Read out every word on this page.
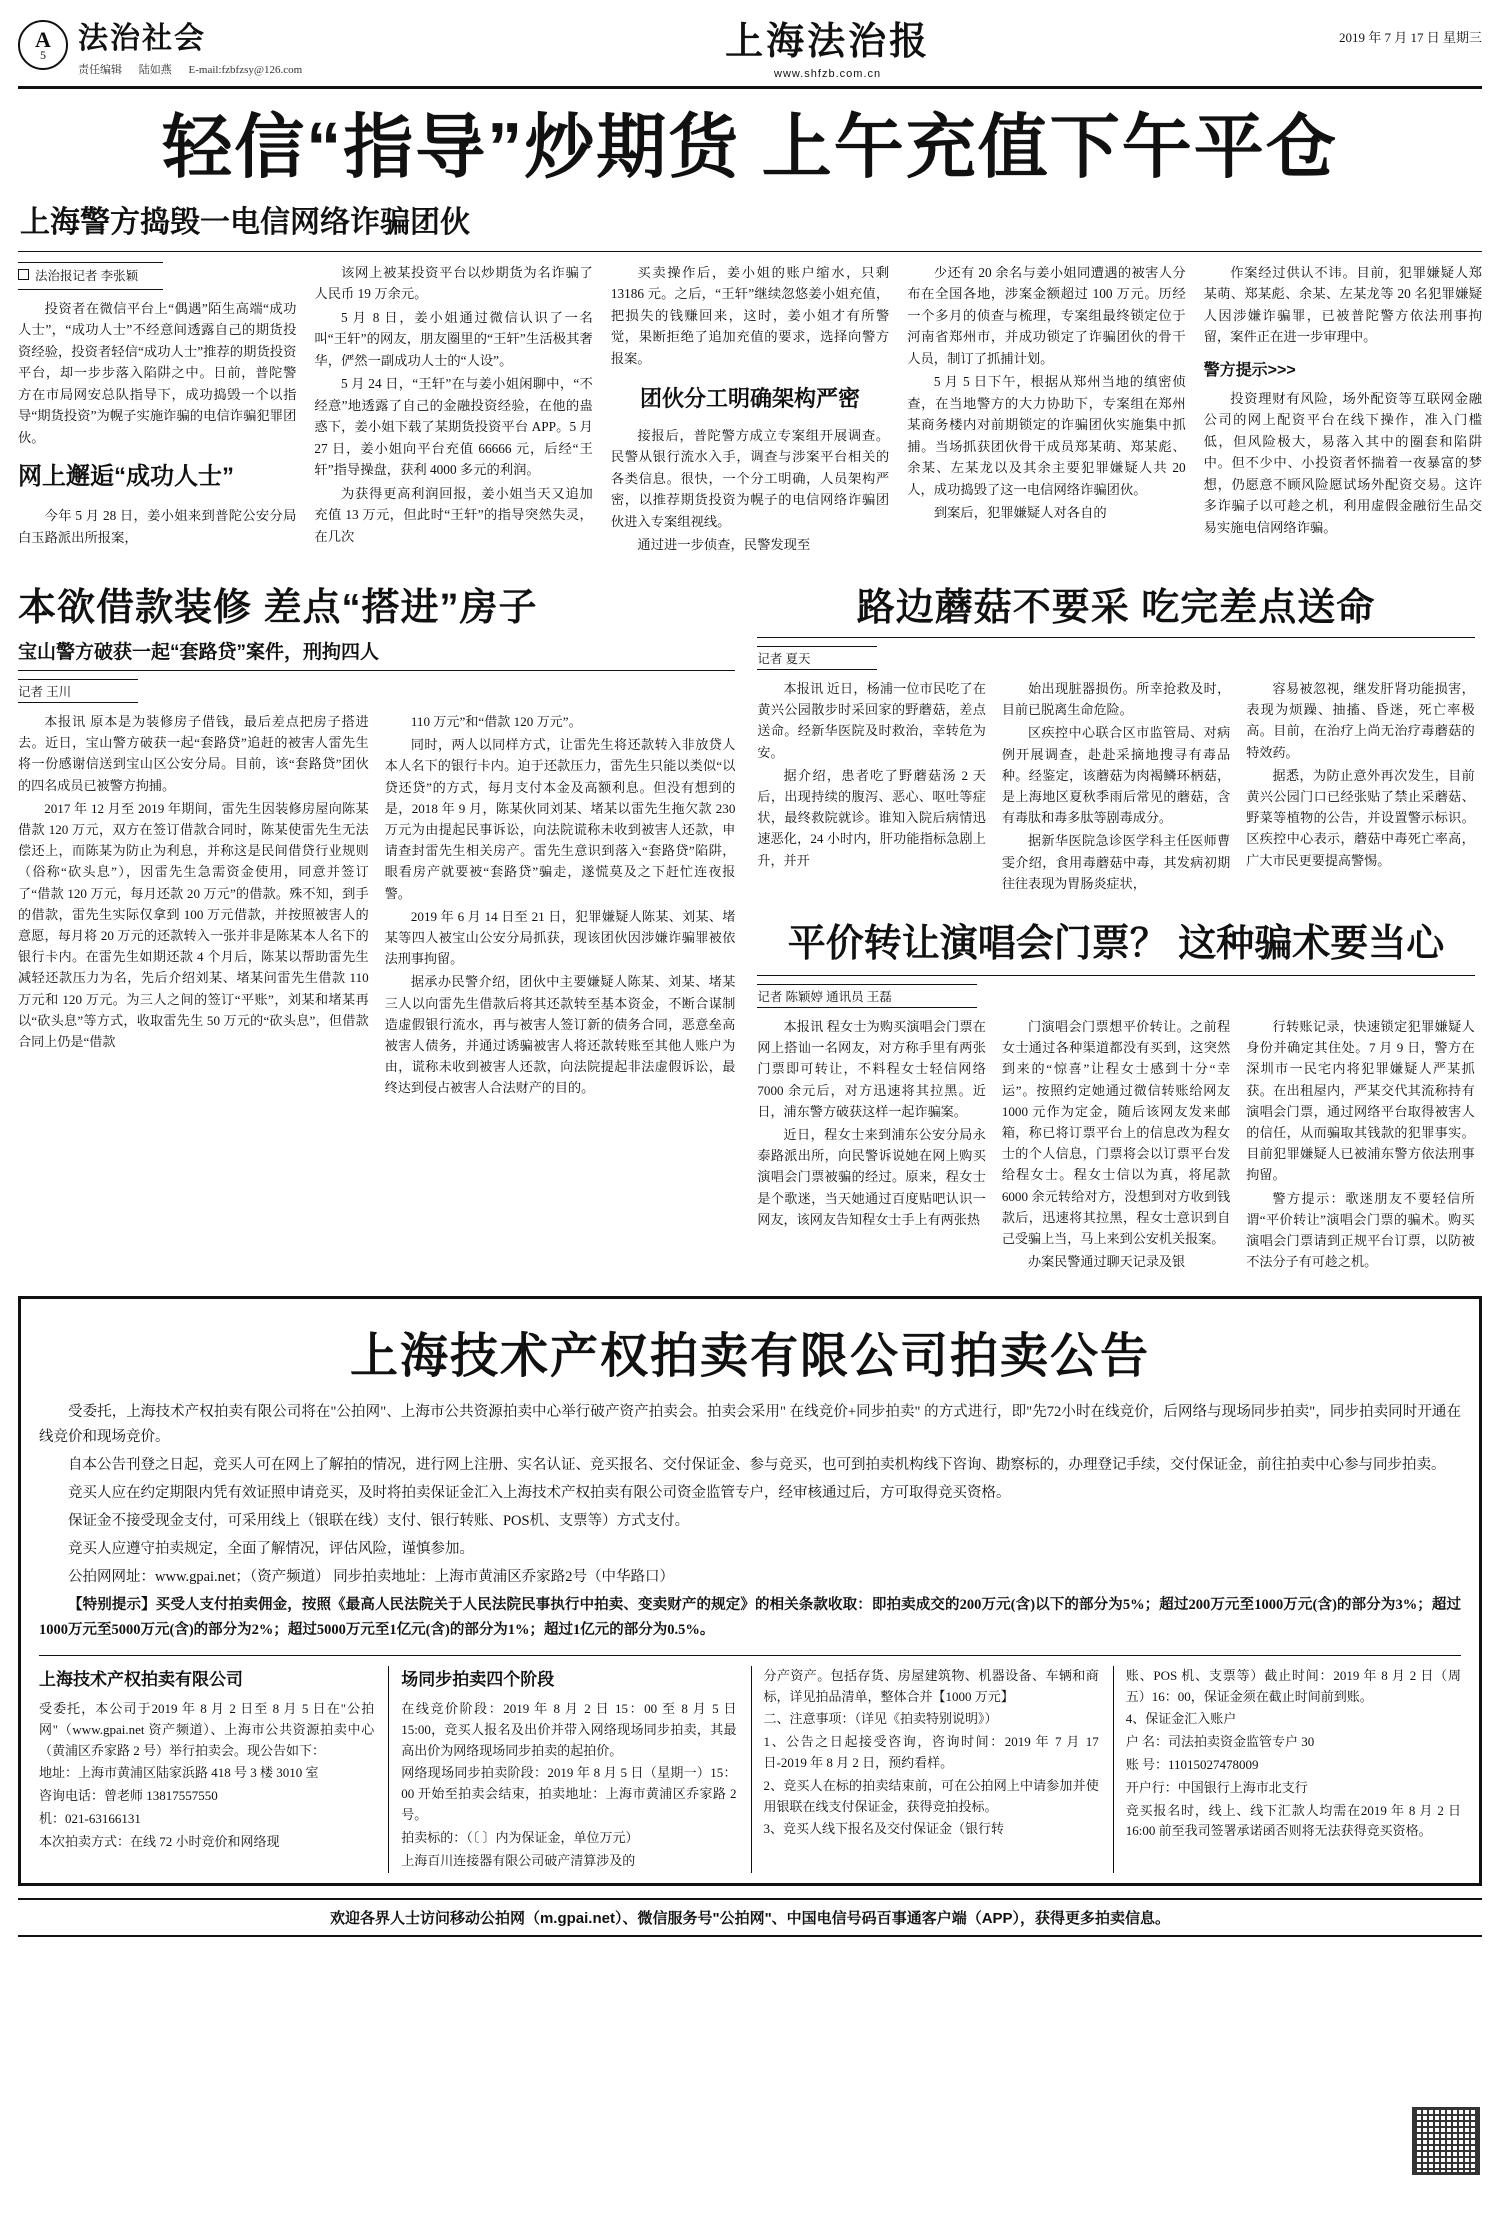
A
5 法治社会
责任编辑 陆如燕 E-mail:fzbfzsy@126.com
上海法治报
www.shfzb.com.cn
2019 年 7 月 17 日 星期三
轻信“指导”炒期货 上午充值下午平仓
上海警方捣毁一电信网络诈骗团伙
法治报记者 李张颖

投资者在微信平台上“偶遇”陌生高端“成功人士”，“成功人士”不经意间透露自己的期货投资经验，投资者轻信“成功人士”推荐的期货投资平台，却一步步落入陷阱之中。日前，普陀警方在市局网安总队指导下，成功捣毁一个以指导“期货投资”为幌子实施诈骗的电信诈骗犯罪团伙。

网上邂逅“成功人士”

今年 5 月 28 日，姜小姐来到普陀公安分局白玉路派出所报案，

该网上被某投资平台以炒期货为名诈骗了人民币 19 万余元。

5 月 8 日，姜小姐通过微信认识了一名叫“王轩”的网友，朋友圈里的“王轩”生活极其奢华，俨然一副成功人士的“人设”。

5 月 24 日，“王轩”在与姜小姐闲聊中，“不经意”地透露了自己的金融投资经验，在他的蛊惑下，姜小姐下载了某期货投资平台 APP。5 月 27 日，姜小姐向平台充值 66666 元，后经“王轩”指导操盘，获利 4000 多元的利润。

为获得更高利润回报，姜小姐当天又追加充值 13 万元，但此时“王轩”的指导突然失灵，在几次

买卖操作后，姜小姐的账户缩水，只剩 13186 元。之后，“王轩”继续忽悠姜小姐充值，把损失的钱赚回来，这时，姜小姐才有所警觉，果断拒绝了追加充值的要求，选择向警方报案。

团伙分工明确架构严密

接报后，普陀警方成立专案组开展调查。民警从银行流水入手，调查与涉案平台相关的各类信息。很快，一个分工明确，人员架构严密，以推荐期货投资为幌子的电信网络诈骗团伙进入专案组视线。

通过进一步侦查，民警发现至

少还有 20 余名与姜小姐同遭遇的被害人分布在全国各地，涉案金额超过 100 万元。历经一个多月的侦查与梳理，专案组最终锁定位于河南省郑州市，并成功锁定了诈骗团伙的骨干人员，制订了抓捕计划。

5 月 5 日下午，根据从郑州当地的缜密侦查，在当地警方的大力协助下，专案组在郑州某商务楼内对前期锁定的诈骗团伙实施集中抓捕。当场抓获团伙骨干成员郑某萌、郑某彪、余某、左某龙以及其余主要犯罪嫌疑人共 20 人，成功捣毁了这一电信网络诈骗团伙。

到案后，犯罪嫌疑人对各自的

作案经过供认不讳。目前，犯罪嫌疑人郑某萌、郑某彪、余某、左某龙等 20 名犯罪嫌疑人因涉嫌诈骗罪，已被普陀警方依法刑事拘留，案件正在进一步审理中。

警方提示>>>

投资理财有风险，场外配资等互联网金融公司的网上配资平台在线下操作，准入门槛低，但风险极大，易落入其中的圈套和陷阱中。但不少中、小投资者怀揣着一夜暴富的梦想，仍愿意不顾风险愿试场外配资交易。这许多诈骗子以可趁之机，利用虚假金融衍生品交易实施电信网络诈骗。

本欲借款装修 差点“搭进”房子
宝山警方破获一起“套路贷”案件，刑拘四人
记者 王川

本报讯 原本是为装修房子借钱，最后差点把房子搭进去。近日，宝山警方破获一起“套路贷”追赶的被害人雷先生将一份感谢信送到宝山区公安分局。目前，该“套路贷”团伙的四名成员已被警方拘捕。

2017 年 12 月至 2019 年期间，雷先生因装修房屋向陈某借款 120 万元，双方在签订借款合同时，陈某使雷先生无法偿还上，而陈某为防止为利息，并称这是民间借贷行业规则（俗称“砍头息”），因雷先生急需资金使用，同意并签订了“借款 120 万元，每月还款 20 万元”的借款。殊不知，到手的借款，雷先生实际仅拿到 100 万元借款，并按照被害人的意愿，每月将 20 万元的还款转入一张并非是陈某本人名下的银行卡内。在雷先生如期还款 4 个月后，陈某以帮助雷先生减轻还款压力为名，先后介绍刘某、堵某问雷先生借款 110 万元和 120 万元。为三人之间的签订“平账”，刘某和堵某再以“砍头息”等方式，收取雷先生 50 万元的“砍头息”，但借款合同上仍是“借款

110 万元”和“借款 120 万元”。

同时，两人以同样方式，让雷先生将还款转入非放贷人本人名下的银行卡内。迫于还款压力，雷先生只能以类似“以贷还贷”的方式，每月支付本金及高额利息。但没有想到的是，2018 年 9 月，陈某伙同刘某、堵某以雷先生拖欠款 230 万元为由提起民事诉讼，向法院谎称未收到被害人还款，申请查封雷先生相关房产。雷先生意识到落入“套路贷”陷阱，眼看房产就要被“套路贷”骗走，遂慌莫及之下赶忙连夜报警。

2019 年 6 月 14 日至 21 日，犯罪嫌疑人陈某、刘某、堵某等四人被宝山公安分局抓获，现该团伙因涉嫌诈骗罪被依法刑事拘留。

据承办民警介绍，团伙中主要嫌疑人陈某、刘某、堵某三人以向雷先生借款后将其还款转至基本资金，不断合谋制造虚假银行流水，再与被害人签订新的债务合同，恶意垒高被害人债务，并通过诱骗被害人将还款转账至其他人账户为由，谎称未收到被害人还款，向法院提起非法虚假诉讼，最终达到侵占被害人合法财产的目的。

路边蘑菇不要采 吃完差点送命
记者 夏天

本报讯 近日，杨浦一位市民吃了在黄兴公园散步时采回家的野蘑菇，差点送命。经新华医院及时救治，幸转危为安。

据介绍，患者吃了野蘑菇汤 2 天后，出现持续的腹泻、恶心、呕吐等症状，最终救院就诊。谁知入院后病情迅速恶化，24 小时内，肝功能指标急剧上升，并开

始出现脏器损伤。所幸抢救及时，目前已脱离生命危险。

区疾控中心联合区市监管局、对病例开展调查，赴赴采摘地搜寻有毒品种。经鉴定，该蘑菇为肉褐鳞环柄菇，是上海地区夏秋季雨后常见的蘑菇，含有毒肽和毒多肽等剧毒成分。

据新华医院急诊医学科主任医师曹雯介绍，食用毒蘑菇中毒，其发病初期往往表现为胃肠炎症状，

容易被忽视，继发肝肾功能损害，表现为烦躁、抽搐、昏迷，死亡率极高。目前，在治疗上尚无治疗毒蘑菇的特效药。

据悉，为防止意外再次发生，目前黄兴公园门口已经张贴了禁止采蘑菇、野菜等植物的公告，并设置警示标识。区疾控中心表示，蘑菇中毒死亡率高，广大市民更要提高警惕。

平价转让演唱会门票？ 这种骗术要当心
记者 陈颖婷 通讯员 王磊

本报讯 程女士为购买演唱会门票在网上搭讪一名网友，对方称手里有两张门票即可转让，不料程女士轻信网络 7000 余元后，对方迅速将其拉黑。近日，浦东警方破获这样一起诈骗案。

近日，程女士来到浦东公安分局永泰路派出所，向民警诉说她在网上购买演唱会门票被骗的经过。原来，程女士是个歌迷，当天她通过百度贴吧认识一网友，该网友告知程女士手上有两张热

门演唱会门票想平价转让。之前程女士通过各种渠道都没有买到，这突然到来的“惊喜”让程女士感到十分“幸运”。按照约定她通过微信转账给网友 1000 元作为定金，随后该网友发来邮箱，称已将订票平台上的信息改为程女士的个人信息，门票将会以订票平台发给程女士。程女士信以为真，将尾款 6000 余元转给对方，没想到对方收到钱款后，迅速将其拉黑，程女士意识到自己受骗上当，马上来到公安机关报案。

办案民警通过聊天记录及银

行转账记录，快速锁定犯罪嫌疑人身份并确定其住处。7 月 9 日，警方在深圳市一民宅内将犯罪嫌疑人严某抓获。在出租屋内，严某交代其流称持有演唱会门票，通过网络平台取得被害人的信任，从而骗取其钱款的犯罪事实。目前犯罪嫌疑人已被浦东警方依法刑事拘留。

警方提示：歌迷朋友不要轻信所谓“平价转让”演唱会门票的骗术。购买演唱会门票请到正规平台订票，以防被不法分子有可趁之机。

上海技术产权拍卖有限公司拍卖公告

受委托，上海技术产权拍卖有限公司将在"公拍网"、上海市公共资源拍卖中心举行破产资产拍卖会。拍卖会采用" 在线竞价+同步拍卖" 的方式进行，即"先72小时在线竞价，后网络与现场同步拍卖"，同步拍卖同时开通在线竞价和现场竞价。

自本公告刊登之日起，竞买人可在网上了解拍的情况，进行网上注册、实名认证、竞买报名、交付保证金、参与竞买，也可到拍卖机构线下咨询、勘察标的，办理登记手续，交付保证金，前往拍卖中心参与同步拍卖。

竞买人应在约定期限内凭有效证照申请竞买，及时将拍卖保证金汇入上海技术产权拍卖有限公司资金监管专户，经审核通过后，方可取得竞买资格。

保证金不接受现金支付，可采用线上（银联在线）支付、银行转账、POS机、支票等）方式支付。

竞买人应遵守拍卖规定，全面了解情况，评估风险，谨慎参加。

公拍网网址：www.gpai.net；（资产频道） 同步拍卖地址：上海市黄浦区乔家路2号（中华路口）

【特别提示】买受人支付拍卖佣金，按照《最高人民法院关于人民法院民事执行中拍卖、变卖财产的规定》的相关条款收取：即拍卖成交的200万元(含)以下的部分为5%；超过200万元至1000万元(含)的部分为3%；超过1000万元至5000万元(含)的部分为2%；超过5000万元至1亿元(含)的部分为1%；超过1亿元的部分为0.5%。

上海技术产权拍卖有限公司

受委托，本公司于2019 年 8 月 2 日至 8 月 5 日在"公拍网"（www.gpai.net 资产频道）、上海市公共资源拍卖中心（黄浦区乔家路 2 号）举行拍卖会。现公告如下：

地址：上海市黄浦区陆家浜路 418 号 3 楼 3010 室

咨询电话：曾老师 13817557550

机：021-63166131

本次拍卖方式：在线 72 小时竞价和网络现

场同步拍卖四个阶段

在线竞价阶段：2019 年 8 月 2 日 15：00 至 8 月 5 日 15:00，竞买人报名及出价并带入网络现场同步拍卖，其最高出价为网络现场同步拍卖的起拍价。

网络现场同步拍卖阶段：2019 年 8 月 5 日（星期一）15：00 开始至拍卖会结束，拍卖地址：上海市黄浦区乔家路 2 号。

拍卖标的：（〔 〕内为保证金，单位万元）

上海百川连接器有限公司破产清算涉及的

分产资产。包括存货、房屋建筑物、机器设备、车辆和商标，详见拍品清单，整体合并【1000 万元】

二、注意事项：（详见《拍卖特别说明》）

1、公告之日起接受咨询，咨询时间：2019 年 7 月 17 日-2019 年 8 月 2 日，预约看样。

2、竞买人在标的拍卖结束前，可在公拍网上中请参加并使用银联在线支付保证金，获得竞拍投标。

3、竞买人线下报名及交付保证金（银行转

账、POS 机、支票等）截止时间：2019 年 8 月 2 日（周五）16：00，保证金须在截止时间前到账。

4、保证金汇入账户

户 名：司法拍卖资金监管专户 30

账 号：11015027478009

开户行：中国银行上海市北支行

竞买报名时，线上、线下汇款人均需在2019 年 8 月 2 日 16:00 前至我司签署承诺函否则将无法获得竞买资格。

欢迎各界人士访问移动公拍网（m.gpai.net）、微信服务号"公拍网"、中国电信号码百事通客户端（APP），获得更多拍卖信息。
